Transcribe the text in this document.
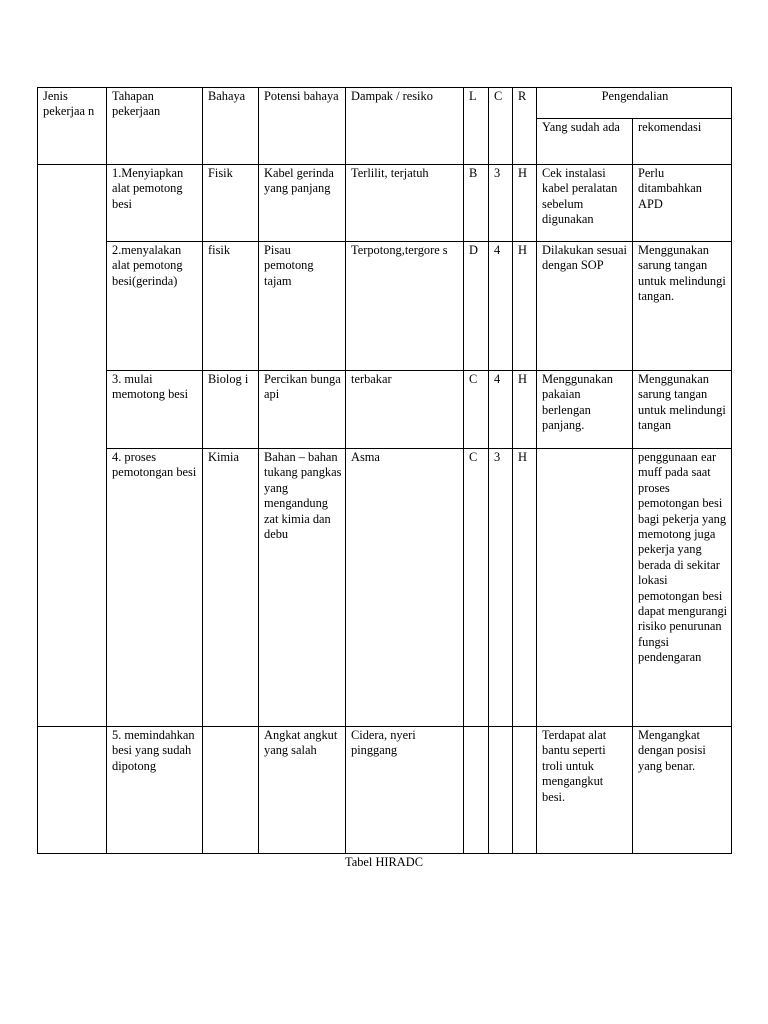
Jenis pekerjaa n	Tahapan pekerjaan	Bahaya	Potensi bahaya	Dampak / resiko	L	C	R	Pengendalian	
								Yang sudah ada	rekomendasi
	1.Menyiapkan alat pemotong besi	Fisik	Kabel gerinda yang panjang	Terlilit, terjatuh	B	3	H	Cek instalasi kabel peralatan sebelum digunakan	Perlu ditambahkan APD
	2.menyalakan alat pemotong besi(gerinda)	fisik	Pisau pemotong tajam	Terpotong,tergore s	D	4	H	Dilakukan sesuai dengan SOP	Menggunakan sarung tangan untuk melindungi tangan.
	3. mulai memotong besi	Biolog i	Percikan bunga api	terbakar	C	4	H	Menggunakan pakaian berlengan panjang.	Menggunakan sarung tangan untuk melindungi tangan
	4. proses pemotongan besi	Kimia	Bahan – bahan tukang pangkas yang mengandung zat kimia dan debu	Asma	C	3	H		penggunaan ear muff pada saat proses pemotongan besi bagi pekerja yang memotong juga pekerja yang berada di sekitar lokasi pemotongan besi dapat mengurangi risiko penurunan fungsi pendengaran
	5. memindahkan besi yang sudah dipotong		Angkat angkut yang salah	Cidera, nyeri pinggang				Terdapat alat bantu seperti troli untuk mengangkut besi.	Mengangkat dengan posisi yang benar.
Tabel HIRADC
